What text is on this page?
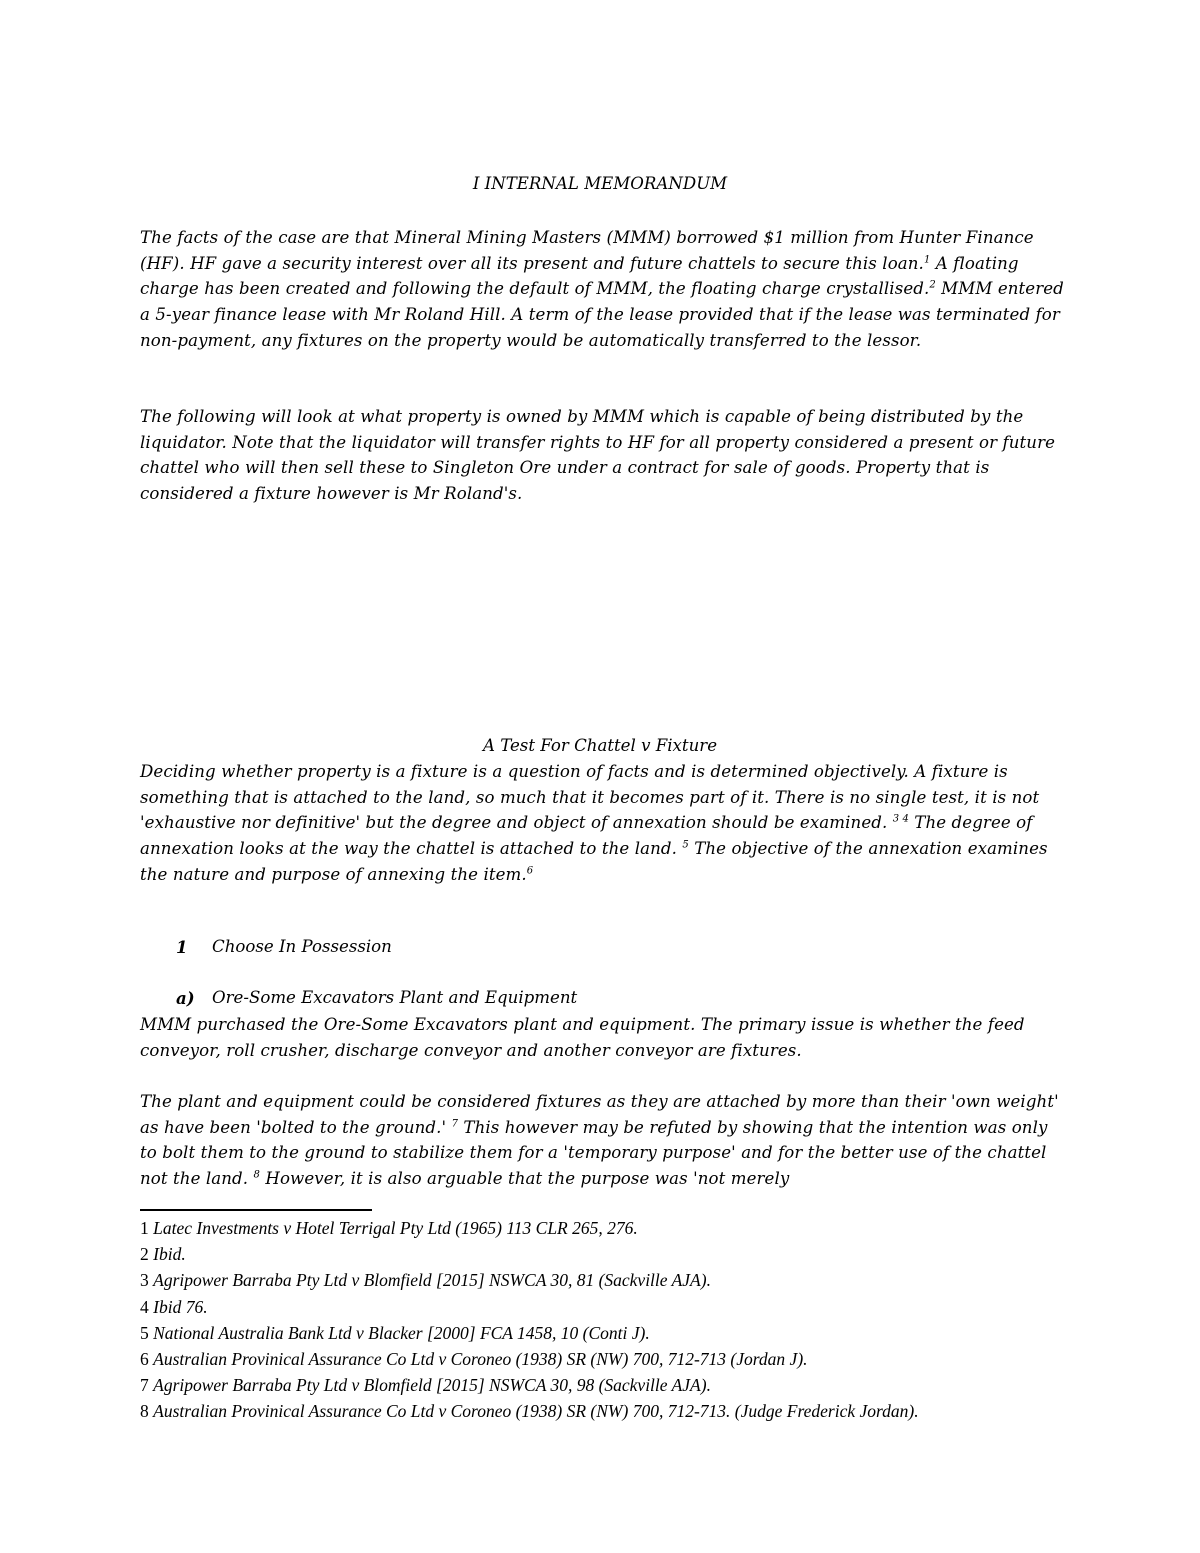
I INTERNAL MEMORANDUM

The facts of the case are that Mineral Mining Masters (MMM) borrowed $1 million from Hunter Finance (HF). HF gave a security interest over all its present and future chattels to secure this loan.$^1$ A floating charge has been created and following the default of MMM, the floating charge crystallised.$^2$ MMM entered a 5-year finance lease with Mr Roland Hill. A term of the lease provided that if the lease was terminated for non-payment, any fixtures on the property would be automatically transferred to the lessor.

The following will look at what property is owned by MMM which is capable of being distributed by the liquidator. Note that the liquidator will transfer rights to HF for all property considered a present or future chattel who will then sell these to Singleton Ore under a contract for sale of goods. Property that is considered a fixture however is Mr Roland's.

A Test For Chattel v Fixture

Deciding whether property is a fixture is a question of facts and is determined objectively. A fixture is something that is attached to the land, so much that it becomes part of it. There is no single test, it is not 'exhaustive nor definitive' but the degree and object of annexation should be examined. $^{3 4}$ The degree of annexation looks at the way the chattel is attached to the land. $^5$ The objective of the annexation examines the nature and purpose of annexing the item.$^6$

1 Choose In Possession
a) Ore-Some Excavators Plant and Equipment

MMM purchased the Ore-Some Excavators plant and equipment. The primary issue is whether the feed conveyor, roll crusher, discharge conveyor and another conveyor are fixtures.

The plant and equipment could be considered fixtures as they are attached by more than their 'own weight' as have been 'bolted to the ground.' $^7$ This however may be refuted by showing that the intention was only to bolt them to the ground to stabilize them for a 'temporary purpose' and for the better use of the chattel not the land. $^8$ However, it is also arguable that the purpose was 'not merely

1 Latec Investments v Hotel Terrigal Pty Ltd (1965) 113 CLR 265, 276.
2 Ibid.
3 Agripower Barraba Pty Ltd v Blomfield [2015] NSWCA 30, 81 (Sackville AJA).
4 Ibid 76.
5 National Australia Bank Ltd v Blacker [2000] FCA 1458, 10 (Conti J).
6 Australian Provinical Assurance Co Ltd v Coroneo (1938) SR (NW) 700, 712-713 (Jordan J).
7 Agripower Barraba Pty Ltd v Blomfield [2015] NSWCA 30, 98 (Sackville AJA).
8 Australian Provinical Assurance Co Ltd v Coroneo (1938) SR (NW) 700, 712-713. (Judge Frederick Jordan).
